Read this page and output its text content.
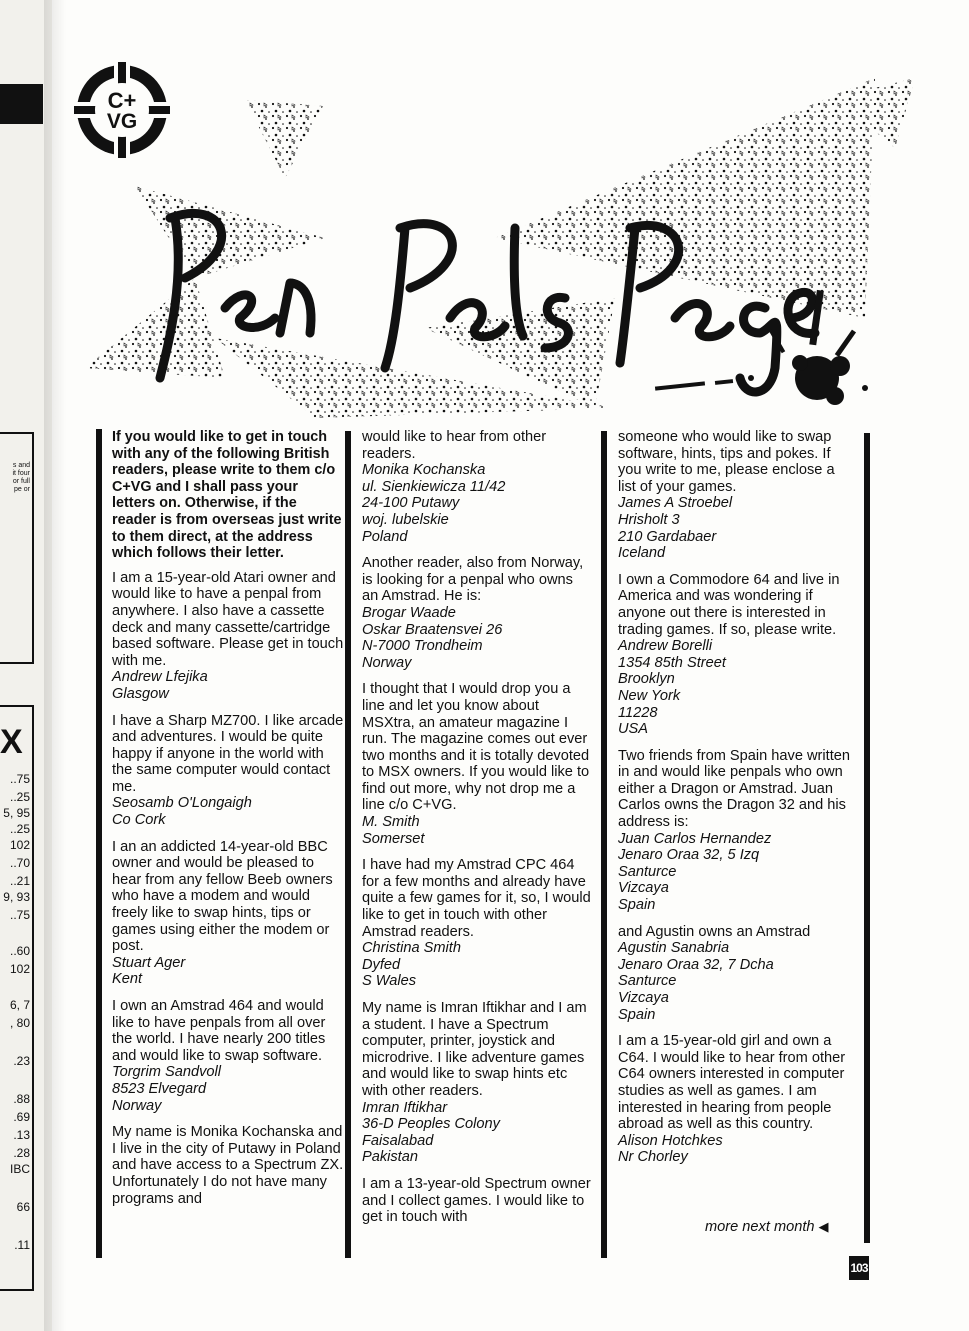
s and
it four
or full
pe or
X
..75
..25
5, 95
..25
102
..70
..21
9, 93
..75
..60
102
6, 7
, 80
.23
.88
.69
.13
.28
IBC
66
.11
C+
VG

If you would like to get in touch with any of the following British readers, please write to them c/o C+VG and I shall pass your letters on. Otherwise, if the reader is from overseas just write to them direct, at the address which follows their letter.

I am a 15-year-old Atari owner and would like to have a penpal from anywhere. I also have a cassette deck and many cassette/cartridge based software. Please get in touch with me.

Andrew Lfejika
Glasgow

I have a Sharp MZ700. I like arcade and adventures. I would be quite happy if anyone in the world with the same computer would contact me.

Seosamb O'Longaigh
Co Cork

I an an addicted 14-year-old BBC owner and would be pleased to hear from any fellow Beeb owners who have a modem and would freely like to swap hints, tips or games using either the modem or post.

Stuart Ager
Kent

I own an Amstrad 464 and would like to have penpals from all over the world. I have nearly 200 titles and would like to swap software.

Torgrim Sandvoll
8523 Elvegard
Norway

My name is Monika Kochanska and I live in the city of Putawy in Poland and have access to a Spectrum ZX. Unfortunately I do not have many programs and

would like to hear from other readers.

Monika Kochanska
ul. Sienkiewicza 11/42
24-100 Putawy
woj. lubelskie
Poland

Another reader, also from Norway, is looking for a penpal who owns an Amstrad. He is:

Brogar Waade
Oskar Braatensvei 26
N-7000 Trondheim
Norway

I thought that I would drop you a line and let you know about MSXtra, an amateur magazine I run. The magazine comes out ever two months and it is totally devoted to MSX owners. If you would like to find out more, why not drop me a line c/o C+VG.

M. Smith
Somerset

I have had my Amstrad CPC 464 for a few months and already have quite a few games for it, so, I would like to get in touch with other Amstrad readers.

Christina Smith
Dyfed
S Wales

My name is Imran Iftikhar and I am a student. I have a Spectrum computer, printer, joystick and microdrive. I like adventure games and would like to swap hints etc with other readers.

Imran Iftikhar
36-D Peoples Colony
Faisalabad
Pakistan

I am a 13-year-old Spectrum owner and I collect games. I would like to get in touch with

someone who would like to swap software, hints, tips and pokes. If you write to me, please enclose a list of your games.

James A Stroebel
Hrisholt 3
210 Gardabaer
Iceland

I own a Commodore 64 and live in America and was wondering if anyone out there is interested in trading games. If so, please write.

Andrew Borelli
1354 85th Street
Brooklyn
New York
11228
USA

Two friends from Spain have written in and would like penpals who own either a Dragon or Amstrad. Juan Carlos owns the Dragon 32 and his address is:

Juan Carlos Hernandez
Jenaro Oraa 32, 5 Izq
Santurce
Vizcaya
Spain

and Agustin owns an Amstrad

Agustin Sanabria
Jenaro Oraa 32, 7 Dcha
Santurce
Vizcaya
Spain

I am a 15-year-old girl and own a C64. I would like to hear from other C64 owners interested in computer studies as well as games. I am interested in hearing from people abroad as well as this country.

Alison Hotchkes
Nr Chorley
more next month ◀
103
